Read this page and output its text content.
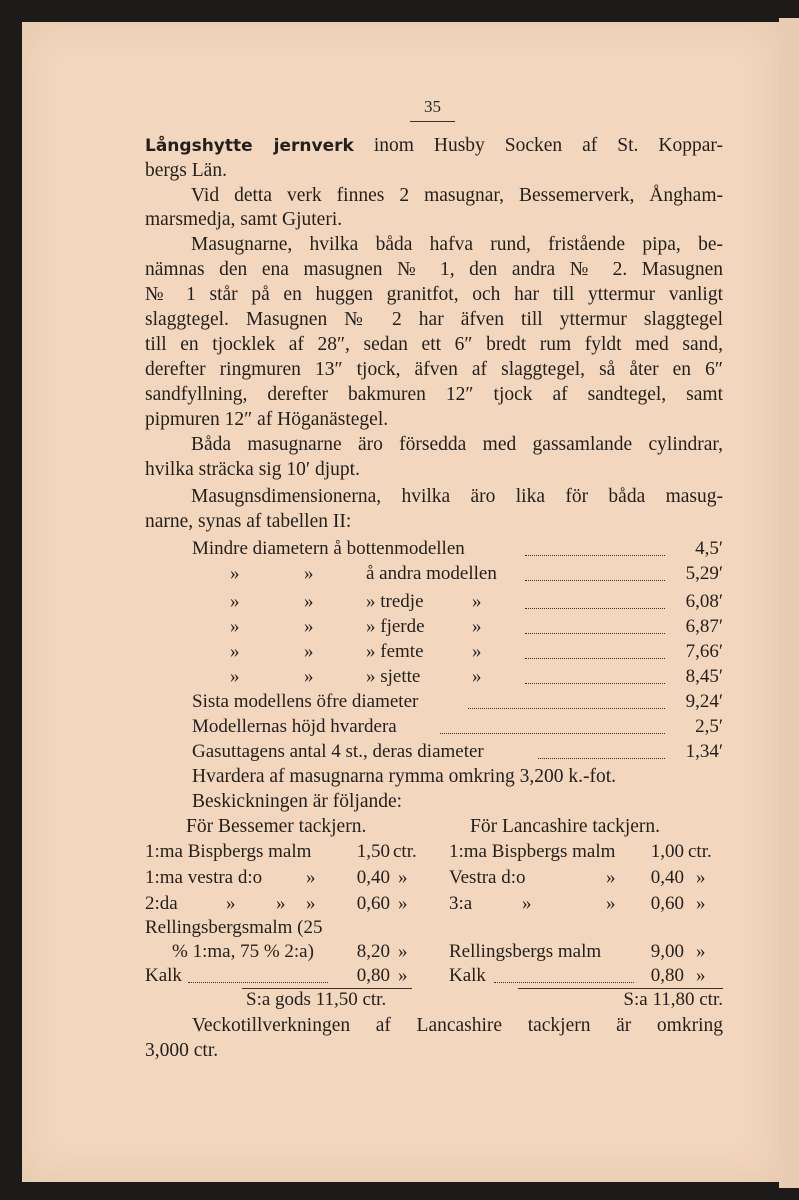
35
Långshytte jernverk inom Husby Socken af St. Koppar-
bergs Län.
Vid detta verk finnes 2 masugnar, Bessemerverk, Ångham-
marsmedja, samt Gjuteri.
Masugnarne, hvilka båda hafva rund, fristående pipa, be-
nämnas den ena masugnen № 1, den andra № 2. Masugnen
№ 1 står på en huggen granitfot, och har till yttermur vanligt
slaggtegel. Masugnen № 2 har äfven till yttermur slaggtegel
till en tjocklek af 28″, sedan ett 6″ bredt rum fyldt med sand,
derefter ringmuren 13″ tjock, äfven af slaggtegel, så åter en 6″
sandfyllning, derefter bakmuren 12″ tjock af sandtegel, samt
pipmuren 12″ af Höganästegel.
Båda masugnarne äro försedda med gassamlande cylindrar,
hvilka sträcka sig 10′ djupt.
Masugnsdimensionerna, hvilka äro lika för båda masug-
narne, synas af tabellen II:
Mindre diametern å bottenmodellen	4,5′
»	»	å andra modellen	5,29′
»	»	» tredje	»	6,08′
»	»	» fjerde »	6,87′
»	»	» femte	»	7,66′
»	»	» sjette	»	8,45′
Sista modellens öfre diameter	9,24′
Modellernas höjd hvardera	2,5′
Gasuttagens antal 4 st., deras diameter	1,34′
Hvardera af masugnarna rymma omkring 3,200 k.-fot.
Beskickningen är följande:
För Bessemer tackjern.	För Lancashire tackjern.
1:ma Bispbergs malm	1,50 ctr.
1:ma vestra d:o »	0,40 »
2:da	» » »	0,60 »
Rellingsbergsmalm (25
% 1:ma, 75 % 2:a)	8,20 »
Kalk	0,80 »
S:a gods 11,50 ctr.
1:ma Bispbergs malm	1,00 ctr.
Vestra d:o	»	0,40 »
3:a	»	»	0,60 »
Rellingsbergs malm	9,00 »
Kalk	0,80 »
S:a 11,80 ctr.
Veckotillverkningen af Lancashire tackjern är omkring
3,000 ctr.
